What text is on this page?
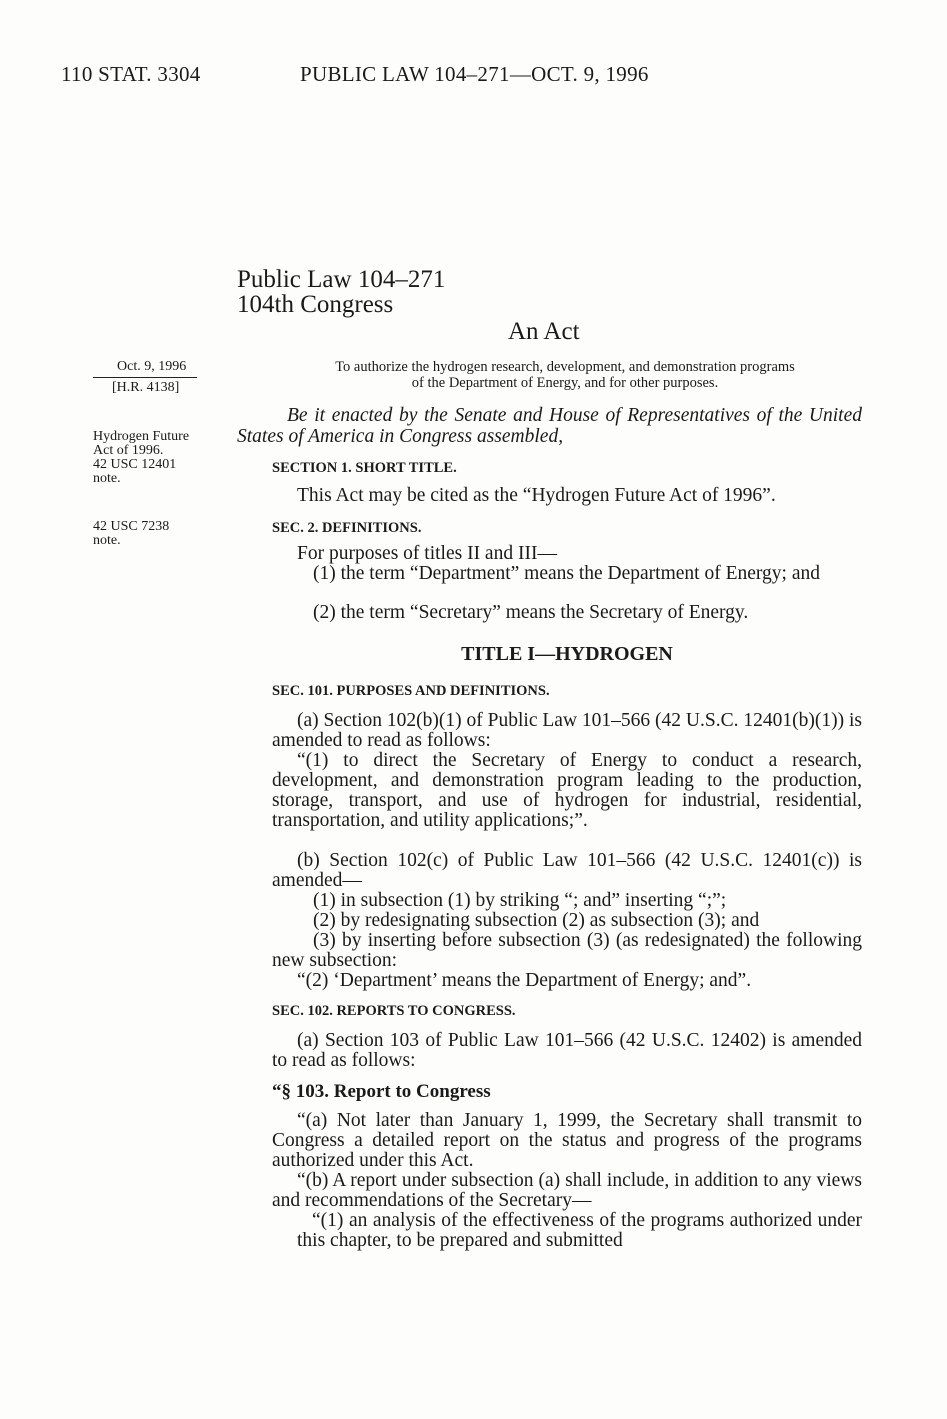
110 STAT. 3304	PUBLIC LAW 104–271—OCT. 9, 1996
Public Law 104–271
104th Congress
An Act
Oct. 9, 1996
[H.R. 4138]
To authorize the hydrogen research, development, and demonstration programs
of the Department of Energy, and for other purposes.
Hydrogen Future
Act of 1996.
42 USC 12401
note.
42 USC 7238
note.
Be it enacted by the Senate and House of Representatives of the United States of America in Congress assembled,
SECTION 1. SHORT TITLE.
This Act may be cited as the “Hydrogen Future Act of 1996”.
SEC. 2. DEFINITIONS.
For purposes of titles II and III—
(1) the term “Department” means the Department of Energy; and
(2) the term “Secretary” means the Secretary of Energy.
TITLE I—HYDROGEN
SEC. 101. PURPOSES AND DEFINITIONS.
(a) Section 102(b)(1) of Public Law 101–566 (42 U.S.C. 12401(b)(1)) is amended to read as follows:
“(1) to direct the Secretary of Energy to conduct a research, development, and demonstration program leading to the production, storage, transport, and use of hydrogen for industrial, residential, transportation, and utility applications;”.
(b) Section 102(c) of Public Law 101–566 (42 U.S.C. 12401(c)) is amended—
(1) in subsection (1) by striking “; and” inserting “;”;
(2) by redesignating subsection (2) as subsection (3); and
(3) by inserting before subsection (3) (as redesignated) the following new subsection:
“(2) ‘Department’ means the Department of Energy; and”.
SEC. 102. REPORTS TO CONGRESS.
(a) Section 103 of Public Law 101–566 (42 U.S.C. 12402) is amended to read as follows:
“§ 103. Report to Congress
“(a) Not later than January 1, 1999, the Secretary shall transmit to Congress a detailed report on the status and progress of the programs authorized under this Act.
“(b) A report under subsection (a) shall include, in addition to any views and recommendations of the Secretary—
“(1) an analysis of the effectiveness of the programs authorized under this chapter, to be prepared and submitted
